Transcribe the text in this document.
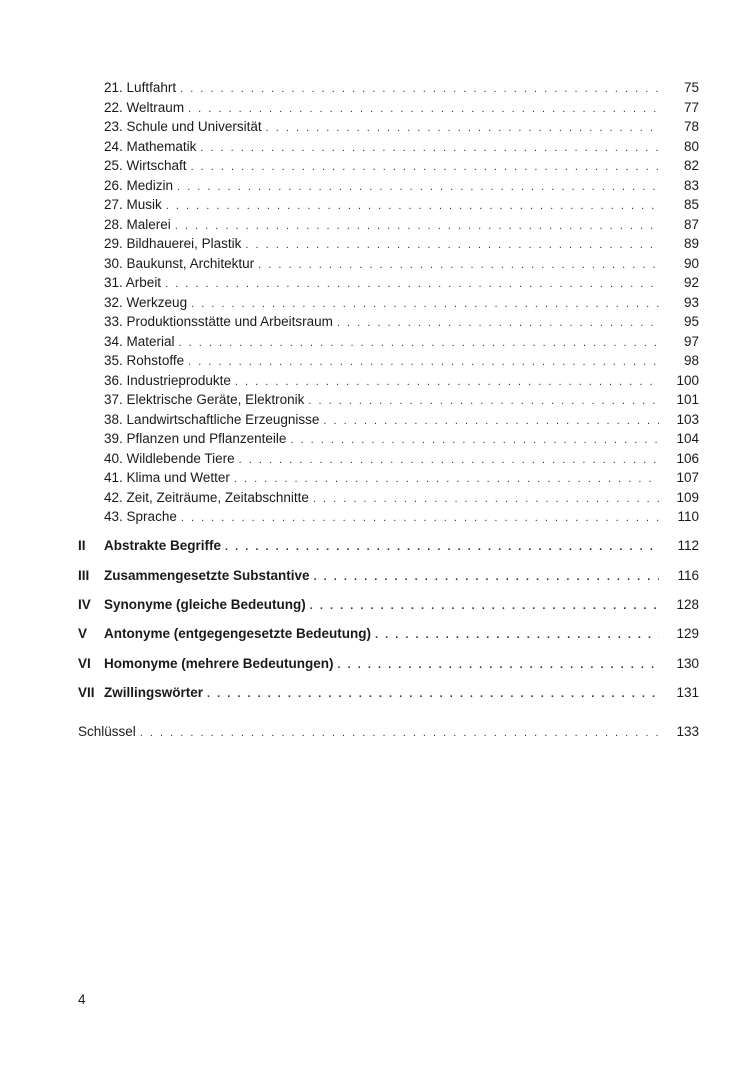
21. Luftfahrt . . .	75
22. Weltraum . . .	77
23. Schule und Universität . . .	78
24. Mathematik . . .	80
25. Wirtschaft . . .	82
26. Medizin . . .	83
27. Musik . . .	85
28. Malerei . . .	87
29. Bildhauerei, Plastik . . .	89
30. Baukunst, Architektur . . .	90
31. Arbeit . . .	92
32. Werkzeug . . .	93
33. Produktionsstätte und Arbeitsraum . . .	95
34. Material . . .	97
35. Rohstoffe . . .	98
36. Industrieprodukte . . .	100
37. Elektrische Geräte, Elektronik . . .	101
38. Landwirtschaftliche Erzeugnisse . . .	103
39. Pflanzen und Pflanzenteile . . .	104
40. Wildlebende Tiere . . .	106
41. Klima und Wetter . . .	107
42. Zeit, Zeiträume, Zeitabschnitte . . .	109
43. Sprache . . .	110
II Abstrakte Begriffe . . .	112
III Zusammengesetzte Substantive . . .	116
IV Synonyme (gleiche Bedeutung) . . .	128
V Antonyme (entgegengesetzte Bedeutung) . . .	129
VI Homonyme (mehrere Bedeutungen) . . .	130
VII Zwillingswörter . . .	131
Schlüssel . . .	133
4
